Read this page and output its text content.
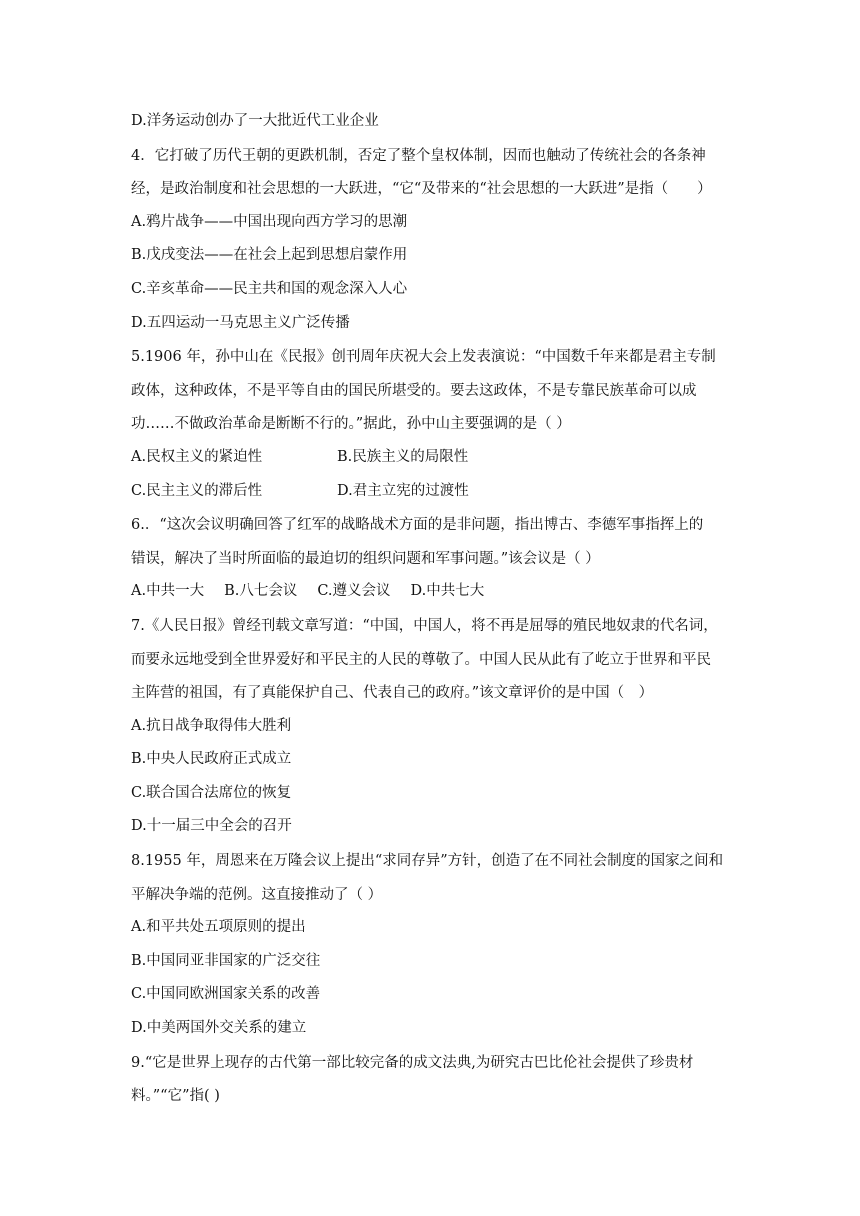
D.洋务运动创办了一大批近代工业企业
4．它打破了历代王朝的更跌机制，否定了整个皇权体制，因而也触动了传统社会的各条神
经，是政治制度和社会思想的一大跃进，“它“及带来的“社会思想的一大跃进”是指（　　）
A.鸦片战争——中国出现向西方学习的思潮
B.戊戌变法——在社会上起到思想启蒙作用
C.辛亥革命——民主共和国的观念深入人心
D.五四运动一马克思主义广泛传播
5.1906 年，孙中山在《民报》创刊周年庆祝大会上发表演说：“中国数千年来都是君主专制
政体，这种政体，不是平等自由的国民所堪受的。要去这政体，不是专靠民族革命可以成
功……不做政治革命是断断不行的。”据此，孙中山主要强调的是（ ）
A.民权主义的紧迫性	B.民族主义的局限性
C.民主主义的滞后性	D.君主立宪的过渡性
6.．“这次会议明确回答了红军的战略战术方面的是非问题，指出博古、李德军事指挥上的
错误，解决了当时所面临的最迫切的组织问题和军事问题。”该会议是（ ）
A.中共一大 B.八七会议 C.遵义会议 D.中共七大
7.《人民日报》曾经刊载文章写道：“中国，中国人，将不再是屈辱的殖民地奴隶的代名词，
而要永远地受到全世界爱好和平民主的人民的尊敬了。中国人民从此有了屹立于世界和平民
主阵营的祖国，有了真能保护自己、代表自己的政府。”该文章评价的是中国（　）
A.抗日战争取得伟大胜利
B.中央人民政府正式成立
C.联合国合法席位的恢复
D.十一届三中全会的召开
8.1955 年，周恩来在万隆会议上提出“求同存异”方针，创造了在不同社会制度的国家之间和
平解决争端的范例。这直接推动了（ ）
A.和平共处五项原则的提出
B.中国同亚非国家的广泛交往
C.中国同欧洲国家关系的改善
D.中美两国外交关系的建立
9.“它是世界上现存的古代第一部比较完备的成文法典,为研究古巴比伦社会提供了珍贵材
料。”“它”指( )
